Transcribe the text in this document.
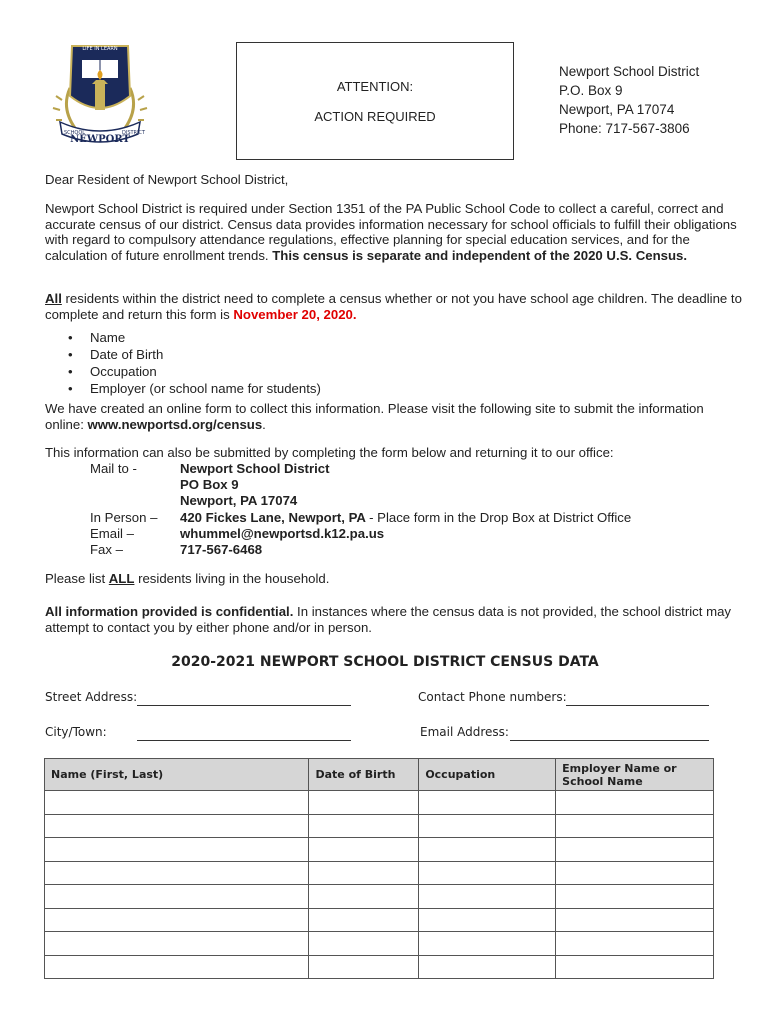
LIFE IN LEARN
SCHOOL	DISTRICT
NEWPORT
ATTENTION:
ACTION REQUIRED
Newport School District
P.O. Box 9
Newport, PA 17074
Phone: 717-567-3806
Dear Resident of Newport School District,
Newport School District is required under Section 1351 of the PA Public School Code to collect a careful, correct and accurate census of our district. Census data provides information necessary for school officials to fulfill their obligations with regard to compulsory attendance regulations, effective planning for special education services, and for the calculation of future enrollment trends. This census is separate and independent of the 2020 U.S. Census.
All residents within the district need to complete a census whether or not you have school age children. The deadline to complete and return this form is November 20, 2020.
• Name
• Date of Birth
• Occupation
• Employer (or school name for students)
We have created an online form to collect this information. Please visit the following site to submit the information online: www.newportsd.org/census.
This information can also be submitted by completing the form below and returning it to our office:
Mail to -	Newport School District
PO Box 9
Newport, PA 17074
In Person –	420 Fickes Lane, Newport, PA - Place form in the Drop Box at District Office
Email –	whummel@newportsd.k12.pa.us
Fax –	717-567-6468
Please list ALL residents living in the household.
All information provided is confidential. In instances where the census data is not provided, the school district may attempt to contact you by either phone and/or in person.
2020-2021 NEWPORT SCHOOL DISTRICT CENSUS DATA
Street Address:	Contact Phone numbers:
City/Town:	Email Address:
Name (First, Last)	Date of Birth	Occupation	Employer Name or School Name
